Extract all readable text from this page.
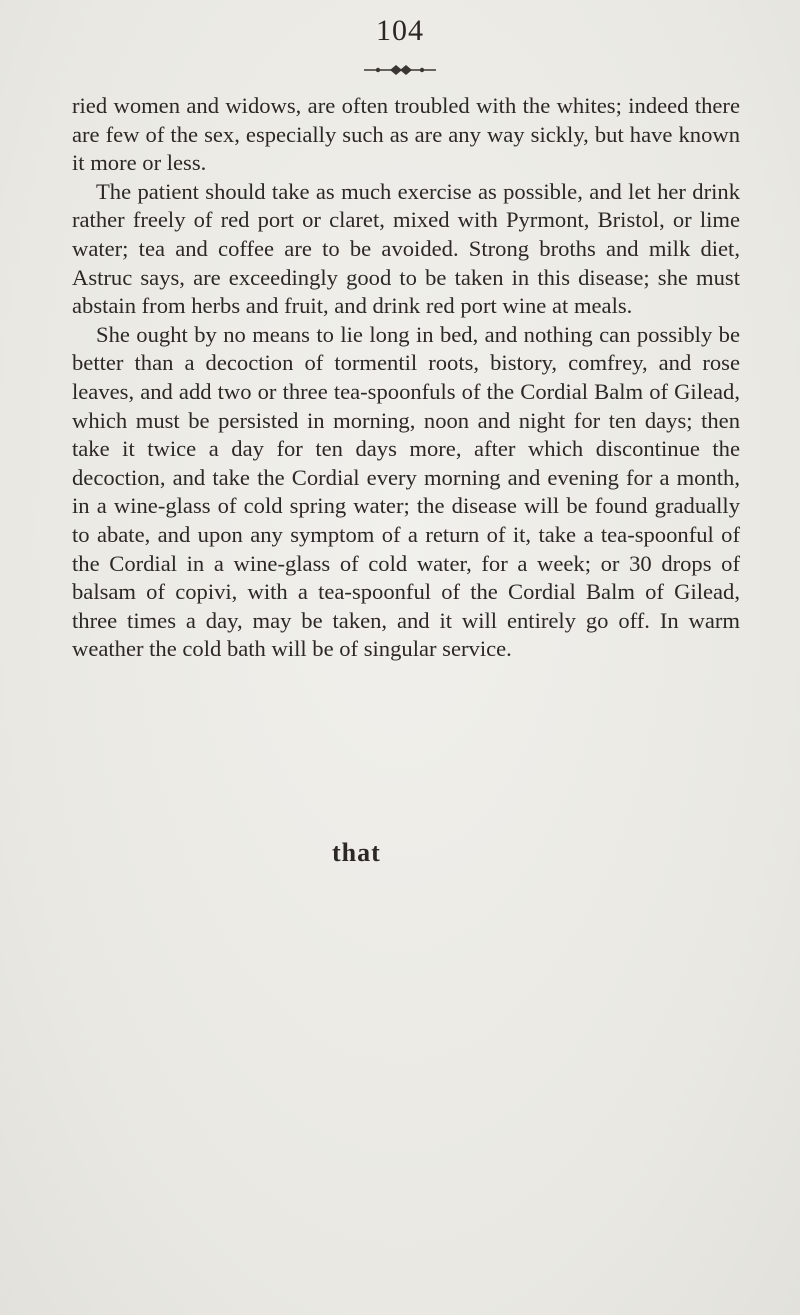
104

ried women and widows, are often troubled with the whites; indeed there are few of the sex, especially such as are any way sickly, but have known it more or less.

The patient should take as much exercise as possible, and let her drink rather freely of red port or claret, mixed with Pyrmont, Bristol, or lime water; tea and coffee are to be avoided. Strong broths and milk diet, Astruc says, are exceedingly good to be taken in this disease; she must abstain from herbs and fruit, and drink red port wine at meals.

She ought by no means to lie long in bed, and nothing can possibly be better than a decoction of tormentil roots, bistory, comfrey, and rose leaves, and add two or three tea-spoonfuls of the Cordial Balm of Gilead, which must be persisted in morning, noon and night for ten days; then take it twice a day for ten days more, after which discontinue the decoction, and take the Cordial every morning and evening for a month, in a wine-glass of cold spring water; the disease will be found gradually to abate, and upon any symptom of a return of it, take a tea-spoonful of the Cordial in a wine-glass of cold water, for a week; or 30 drops of balsam of copivi, with a tea-spoonful of the Cordial Balm of Gilead, three times a day, may be taken, and it will entirely go off. In warm weather the cold bath will be of singular service.

that
